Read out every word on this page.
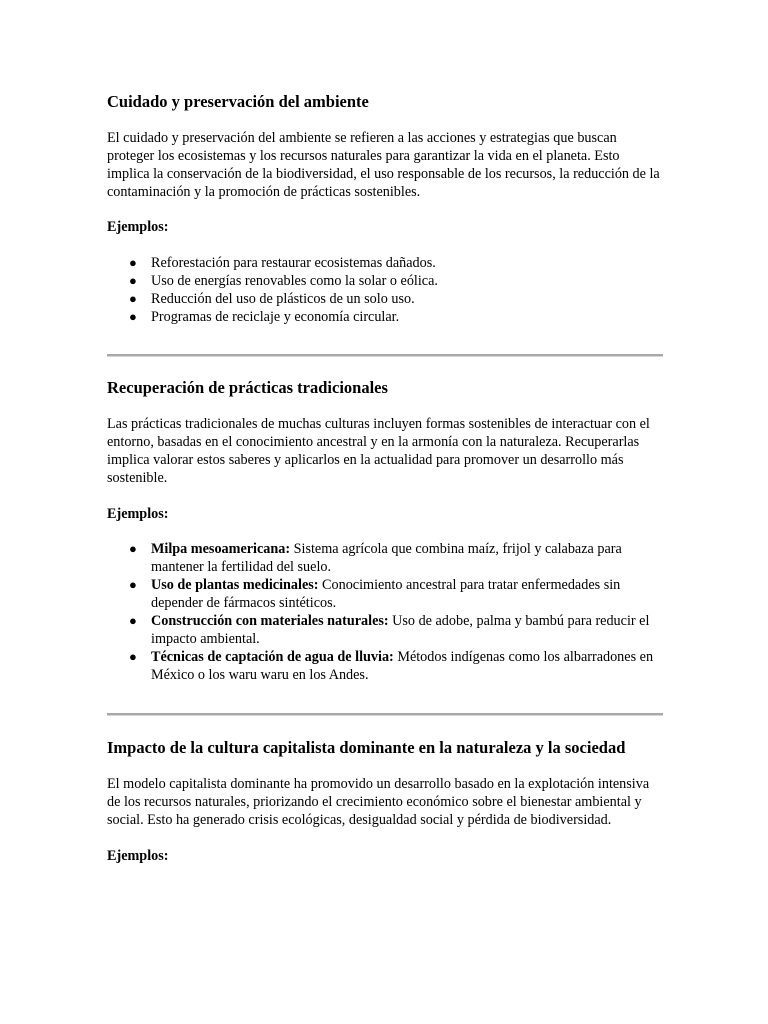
Cuidado y preservación del ambiente

El cuidado y preservación del ambiente se refieren a las acciones y estrategias que buscan proteger los ecosistemas y los recursos naturales para garantizar la vida en el planeta. Esto implica la conservación de la biodiversidad, el uso responsable de los recursos, la reducción de la contaminación y la promoción de prácticas sostenibles.

Ejemplos:

● Reforestación para restaurar ecosistemas dañados.
● Uso de energías renovables como la solar o eólica.
● Reducción del uso de plásticos de un solo uso.
● Programas de reciclaje y economía circular.
Recuperación de prácticas tradicionales

Las prácticas tradicionales de muchas culturas incluyen formas sostenibles de interactuar con el entorno, basadas en el conocimiento ancestral y en la armonía con la naturaleza. Recuperarlas implica valorar estos saberes y aplicarlos en la actualidad para promover un desarrollo más sostenible.

Ejemplos:

● Milpa mesoamericana: Sistema agrícola que combina maíz, frijol y calabaza para mantener la fertilidad del suelo.
● Uso de plantas medicinales: Conocimiento ancestral para tratar enfermedades sin depender de fármacos sintéticos.
● Construcción con materiales naturales: Uso de adobe, palma y bambú para reducir el impacto ambiental.
● Técnicas de captación de agua de lluvia: Métodos indígenas como los albarradones en México o los waru waru en los Andes.
Impacto de la cultura capitalista dominante en la naturaleza y la sociedad

El modelo capitalista dominante ha promovido un desarrollo basado en la explotación intensiva de los recursos naturales, priorizando el crecimiento económico sobre el bienestar ambiental y social. Esto ha generado crisis ecológicas, desigualdad social y pérdida de biodiversidad.

Ejemplos:
